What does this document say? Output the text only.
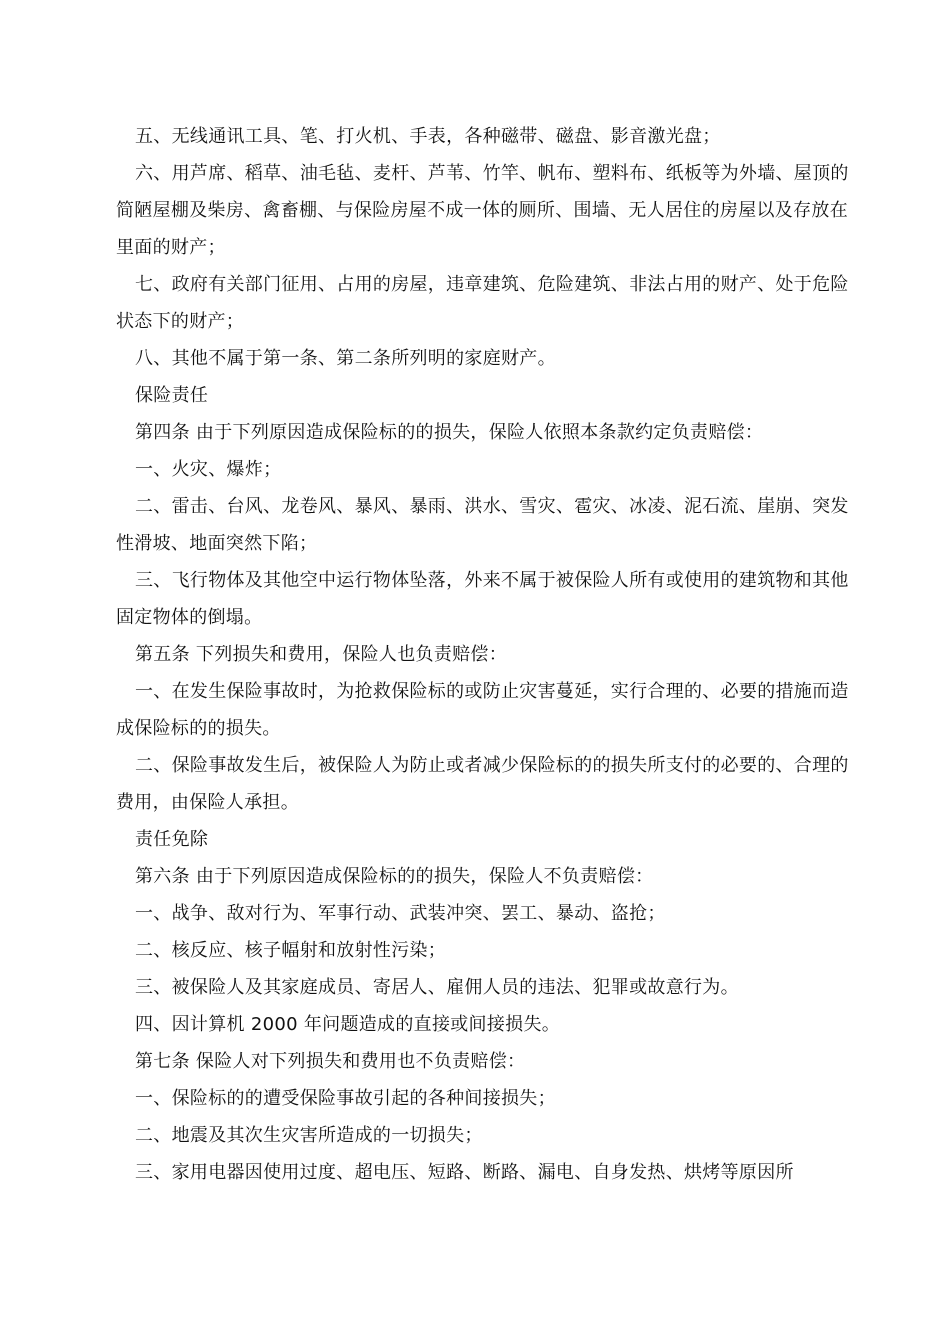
五、无线通讯工具、笔、打火机、手表，各种磁带、磁盘、影音激光盘；

六、用芦席、稻草、油毛毡、麦杆、芦苇、竹竿、帆布、塑料布、纸板等为外墙、屋顶的简陋屋棚及柴房、禽畜棚、与保险房屋不成一体的厕所、围墙、无人居住的房屋以及存放在里面的财产；

七、政府有关部门征用、占用的房屋，违章建筑、危险建筑、非法占用的财产、处于危险状态下的财产；

八、其他不属于第一条、第二条所列明的家庭财产。

保险责任

第四条 由于下列原因造成保险标的的损失，保险人依照本条款约定负责赔偿：

一、火灾、爆炸；

二、雷击、台风、龙卷风、暴风、暴雨、洪水、雪灾、雹灾、冰凌、泥石流、崖崩、突发性滑坡、地面突然下陷；

三、飞行物体及其他空中运行物体坠落，外来不属于被保险人所有或使用的建筑物和其他固定物体的倒塌。

第五条 下列损失和费用，保险人也负责赔偿：

一、在发生保险事故时，为抢救保险标的或防止灾害蔓延，实行合理的、必要的措施而造成保险标的的损失。

二、保险事故发生后，被保险人为防止或者减少保险标的的损失所支付的必要的、合理的费用，由保险人承担。

责任免除

第六条 由于下列原因造成保险标的的损失，保险人不负责赔偿：

一、战争、敌对行为、军事行动、武装冲突、罢工、暴动、盗抢；

二、核反应、核子幅射和放射性污染；

三、被保险人及其家庭成员、寄居人、雇佣人员的违法、犯罪或故意行为。

四、因计算机 2000 年问题造成的直接或间接损失。

第七条 保险人对下列损失和费用也不负责赔偿：

一、保险标的的遭受保险事故引起的各种间接损失；

二、地震及其次生灾害所造成的一切损失；

三、家用电器因使用过度、超电压、短路、断路、漏电、自身发热、烘烤等原因所
